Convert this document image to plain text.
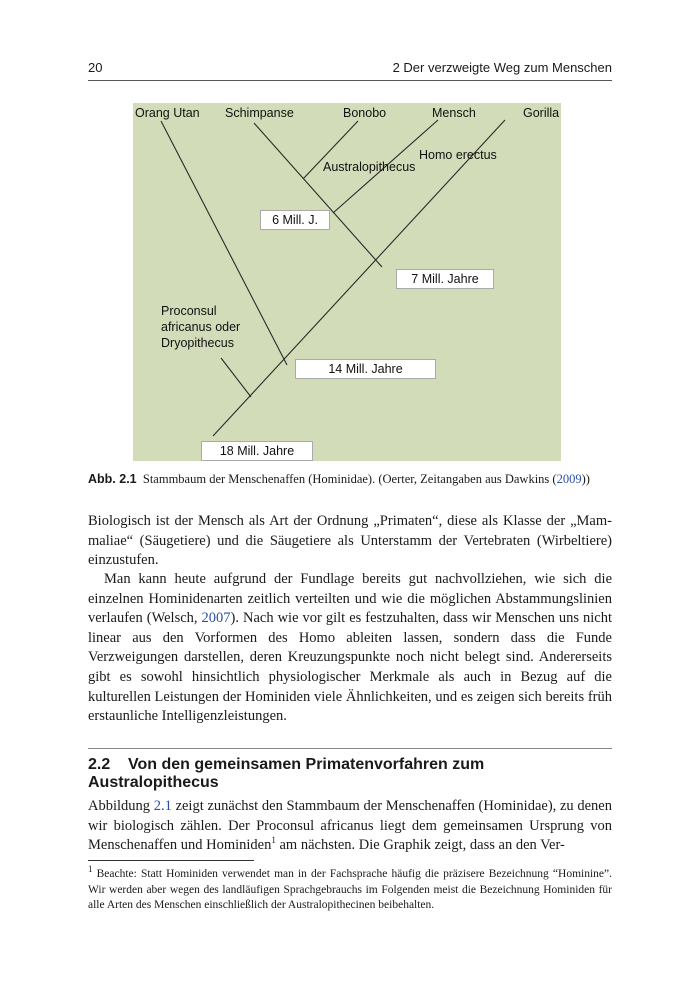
20	2 Der verzweigte Weg zum Menschen
Orang Utan Schimpanse	Bonobo	Mensch	Gorilla
Homo erectus
Australopithecus
Proconsul
africanus oder
Dryopithecus
6 Mill. J.
7 Mill. Jahre
14 Mill. Jahre
18 Mill. Jahre
Abb. 2.1 Stammbaum der Menschenaffen (Hominidae). (Oerter, Zeitangaben aus Dawkins (2009))

Biologisch ist der Mensch als Art der Ordnung „Primaten“, diese als Klasse der „Mammaliae“ (Säugetiere) und die Säugetiere als Unterstamm der Vertebraten (Wirbeltiere) einzustufen.

Man kann heute aufgrund der Fundlage bereits gut nachvollziehen, wie sich die einzelnen Hominidenarten zeitlich verteilten und wie die möglichen Abstammungslinien verlaufen (Welsch, 2007). Nach wie vor gilt es festzuhalten, dass wir Menschen uns nicht linear aus den Vorformen des Homo ableiten lassen, sondern dass die Funde Verzweigungen darstellen, deren Kreuzungspunkte noch nicht belegt sind. Andererseits gibt es sowohl hinsichtlich physiologischer Merkmale als auch in Bezug auf die kulturellen Leistungen der Hominiden viele Ähnlichkeiten, und es zeigen sich bereits früh erstaunliche Intelligenzleistungen.

2.2 Von den gemeinsamen Primatenvorfahren zum Australopithecus

Abbildung 2.1 zeigt zunächst den Stammbaum der Menschenaffen (Hominidae), zu denen wir biologisch zählen. Der Proconsul africanus liegt dem gemeinsamen Ursprung von Menschenaffen und Hominiden$^1$ am nächsten. Die Graphik zeigt, dass an den Ver-

$^1$ Beachte: Statt Hominiden verwendet man in der Fachsprache häufig die präzisere Bezeichnung “Hominine”. Wir werden aber wegen des landläufigen Sprachgebrauchs im Folgenden meist die Bezeichnung Hominiden für alle Arten des Menschen einschließlich der Australopithecinen beibehalten.
